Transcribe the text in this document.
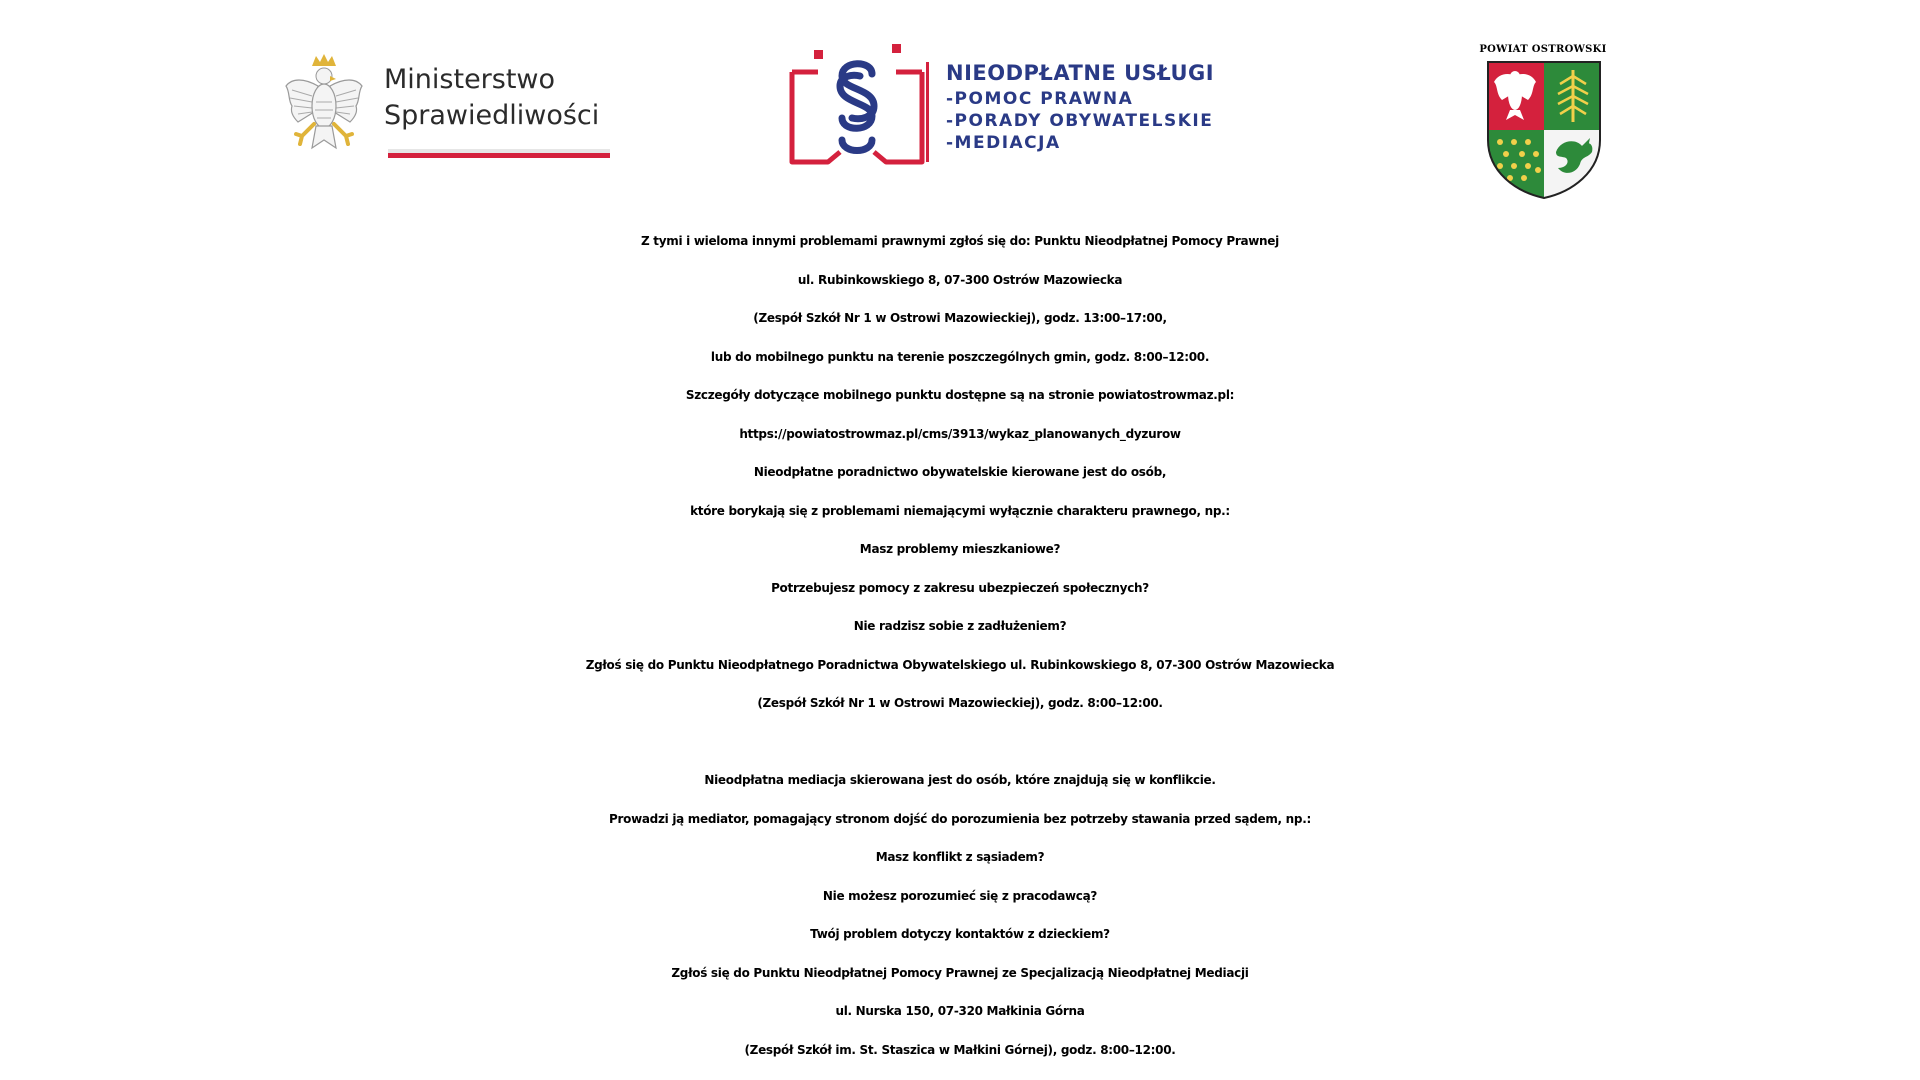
Ministerstwo
Sprawiedliwości
NIEODPŁATNE USŁUGI
-POMOC PRAWNA
-PORADY OBYWATELSKIE
-MEDIACJA
POWIAT OSTROWSKI
Z tymi i wieloma innymi problemami prawnymi zgłoś się do: Punktu Nieodpłatnej Pomocy Prawnej
ul. Rubinkowskiego 8, 07-300 Ostrów Mazowiecka
(Zespół Szkół Nr 1 w Ostrowi Mazowieckiej), godz. 13:00–17:00,
lub do mobilnego punktu na terenie poszczególnych gmin, godz. 8:00–12:00.
Szczegóły dotyczące mobilnego punktu dostępne są na stronie powiatostrowmaz.pl:
https://powiatostrowmaz.pl/cms/3913/wykaz_planowanych_dyzurow
Nieodpłatne poradnictwo obywatelskie kierowane jest do osób,
które borykają się z problemami niemającymi wyłącznie charakteru prawnego, np.:
Masz problemy mieszkaniowe?
Potrzebujesz pomocy z zakresu ubezpieczeń społecznych?
Nie radzisz sobie z zadłużeniem?
Zgłoś się do Punktu Nieodpłatnego Poradnictwa Obywatelskiego ul. Rubinkowskiego 8, 07-300 Ostrów Mazowiecka
(Zespół Szkół Nr 1 w Ostrowi Mazowieckiej), godz. 8:00–12:00.
Nieodpłatna mediacja skierowana jest do osób, które znajdują się w konflikcie.
Prowadzi ją mediator, pomagający stronom dojść do porozumienia bez potrzeby stawania przed sądem, np.:
Masz konflikt z sąsiadem?
Nie możesz porozumieć się z pracodawcą?
Twój problem dotyczy kontaktów z dzieckiem?
Zgłoś się do Punktu Nieodpłatnej Pomocy Prawnej ze Specjalizacją Nieodpłatnej Mediacji
ul. Nurska 150, 07-320 Małkinia Górna
(Zespół Szkół im. St. Staszica w Małkini Górnej), godz. 8:00–12:00.
